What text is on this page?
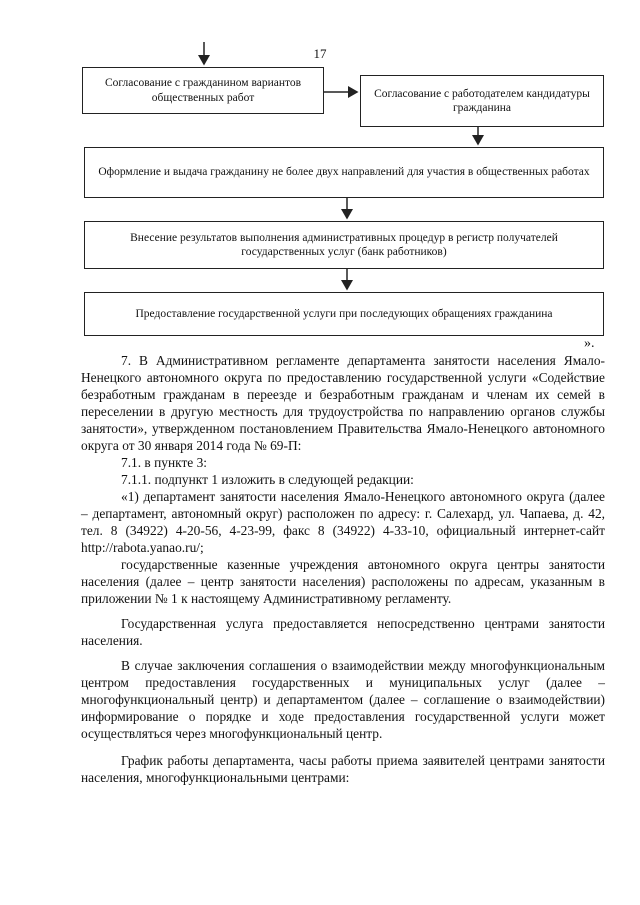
17
Согласование с гражданином вариантов общественных работ	Согласование с работодателем кандидатуры гражданина
Оформление и выдача гражданину не более двух направлений для участия в общественных работах
Внесение результатов выполнения административных процедур в регистр получателей государственных услуг (банк работников)
Предоставление государственной услуги при последующих обращениях гражданина
».

7. В Административном регламенте департамента занятости населения Ямало-Ненецкого автономного округа по предоставлению государственной услуги «Содействие безработным гражданам в переезде и безработным гражданам и членам их семей в переселении в другую местность для трудоустройства по направлению органов службы занятости», утвержденном постановлением Правительства Ямало-Ненецкого автономного округа от 30 января 2014 года № 69-П:

7.1. в пункте 3:

7.1.1. подпункт 1 изложить в следующей редакции:

«1) департамент занятости населения Ямало-Ненецкого автономного округа (далее – департамент, автономный округ) расположен по адресу: г. Салехард, ул. Чапаева, д. 42, тел. 8 (34922) 4-20-56, 4-23-99, факс 8 (34922) 4-33-10, официальный интернет-сайт http://rabota.yanao.ru/;

государственные казенные учреждения автономного округа центры занятости населения (далее – центр занятости населения) расположены по адресам, указанным в приложении № 1 к настоящему Административному регламенту.

Государственная услуга предоставляется непосредственно центрами занятости населения.

В случае заключения соглашения о взаимодействии между многофункциональным центром предоставления государственных и муниципальных услуг (далее – многофункциональный центр) и департаментом (далее – соглашение о взаимодействии) информирование о порядке и ходе предоставления государственной услуги может осуществляться через многофункциональный центр.

График работы департамента, часы работы приема заявителей центрами занятости населения, многофункциональными центрами:
